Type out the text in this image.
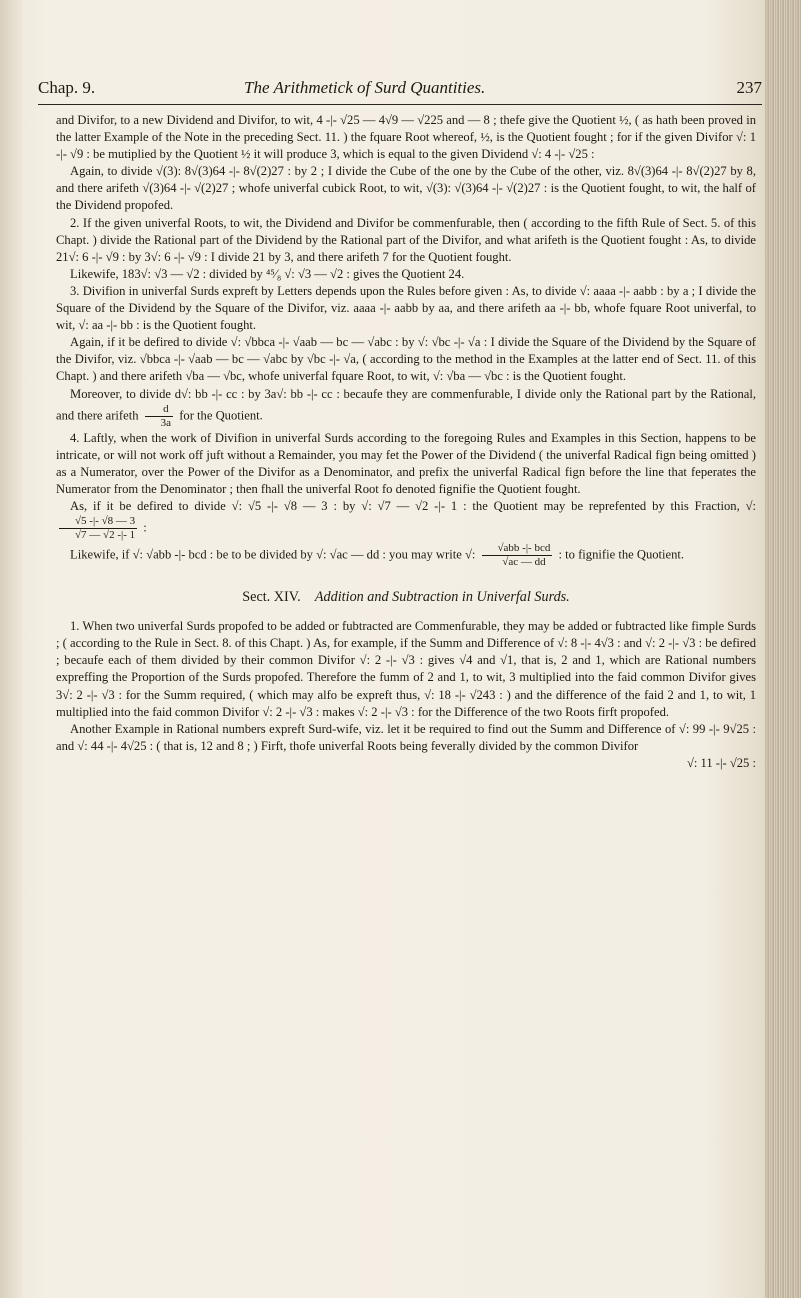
Chap. 9.	The Arithmetick of Surd Quantities.	237

and Divifor, to a new Dividend and Divifor, to wit, 4 -|- √25 — 4√9 — √225 and — 8 ; thefe give the Quotient ½, ( as hath been proved in the latter Example of the Note in the preceding Sect. 11. ) the fquare Root whereof, ½, is the Quotient fought ; for if the given Divifor √: 1 -|- √9 : be mutiplied by the Quotient ½ it will produce 3, which is equal to the given Dividend √: 4 -|- √25 :

Again, to divide √(3): 8√(3)64 -|- 8√(2)27 : by 2 ; I divide the Cube of the one by the Cube of the other, viz. 8√(3)64 -|- 8√(2)27 by 8, and there arifeth √(3)64 -|- √(2)27 ; whofe univerfal cubick Root, to wit, √(3): √(3)64 -|- √(2)27 : is the Quotient fought, to wit, the half of the Dividend propofed.

2. If the given univerfal Roots, to wit, the Dividend and Divifor be commenfurable, then ( according to the fifth Rule of Sect. 5. of this Chapt. ) divide the Rational part of the Dividend by the Rational part of the Divifor, and what arifeth is the Quotient fought : As, to divide 21√: 6 -|- √9 : by 3√: 6 -|- √9 : I divide 21 by 3, and there arifeth 7 for the Quotient fought.

Likewife, 183√: √3 — √2 : divided by ⁴⁵⁄₈ √: √3 — √2 : gives the Quotient 24.

3. Divifion in univerfal Surds expreft by Letters depends upon the Rules before given : As, to divide √: aaaa -|- aabb : by a ; I divide the Square of the Dividend by the Square of the Divifor, viz. aaaa -|- aabb by aa, and there arifeth aa -|- bb, whofe fquare Root univerfal, to wit, √: aa -|- bb : is the Quotient fought.

Again, if it be defired to divide √: √bbca -|- √aab — bc — √abc : by √: √bc -|- √a : I divide the Square of the Dividend by the Square of the Divifor, viz. √bbca -|- √aab — bc — √abc by √bc -|- √a, ( according to the method in the Examples at the latter end of Sect. 11. of this Chapt. ) and there arifeth √ba — √bc, whofe univerfal fquare Root, to wit, √: √ba — √bc : is the Quotient fought.

Moreover, to divide d√: bb -|- cc : by 3a√: bb -|- cc : becaufe they are commenfurable, I divide only the Rational part by the Rational, and there arifeth $\frac{d}{3a}$ for the Quotient.

4. Laftly, when the work of Divifion in univerfal Surds according to the foregoing Rules and Examples in this Section, happens to be intricate, or will not work off juft without a Remainder, you may fet the Power of the Dividend ( the univerfal Radical fign being omitted ) as a Numerator, over the Power of the Divifor as a Denominator, and prefix the univerfal Radical fign before the line that feperates the Numerator from the Denominator ; then fhall the univerfal Root fo denoted fignifie the Quotient fought.

As, if it be defired to divide √: √5 -|- √8 — 3 : by √: √7 — √2 -|- 1 : the Quotient may be reprefented by this Fraction, √:
$\frac{√5 -|- √8 — 3}{√7 — √2 -|- 1}$ :

Likewife, if √: √abb -|- bcd : be to be divided by √: √ac — dd : you may write √: $\frac{\text{√abb -|- bcd}}{√ac — dd}$ : to fignifie the Quotient.

Sect. XIV. Addition and Subtraction in Univerfal Surds.

1. When two univerfal Surds propofed to be added or fubtracted are Commenfurable, they may be added or fubtracted like fimple Surds ; ( according to the Rule in Sect. 8. of this Chapt. ) As, for example, if the Summ and Difference of √: 8 -|- 4√3 : and √: 2 -|- √3 : be defired ; becaufe each of them divided by their common Divifor √: 2 -|- √3 : gives √4 and √1, that is, 2 and 1, which are Rational numbers expreffing the Proportion of the Surds propofed. Therefore the fumm of 2 and 1, to wit, 3 multiplied into the faid common Divifor gives 3√: 2 -|- √3 : for the Summ required, ( which may alfo be expreft thus, √: 18 -|- √243 : ) and the difference of the faid 2 and 1, to wit, 1 multiplied into the faid common Divifor √: 2 -|- √3 : makes √: 2 -|- √3 : for the Difference of the two Roots firft propofed.

Another Example in Rational numbers expreft Surd-wife, viz. let it be required to find out the Summ and Difference of √: 99 -|- 9√25 : and √: 44 -|- 4√25 : ( that is, 12 and 8 ; ) Firft, thofe univerfal Roots being feverally divided by the common Divifor

√: 11 -|- √25 :
